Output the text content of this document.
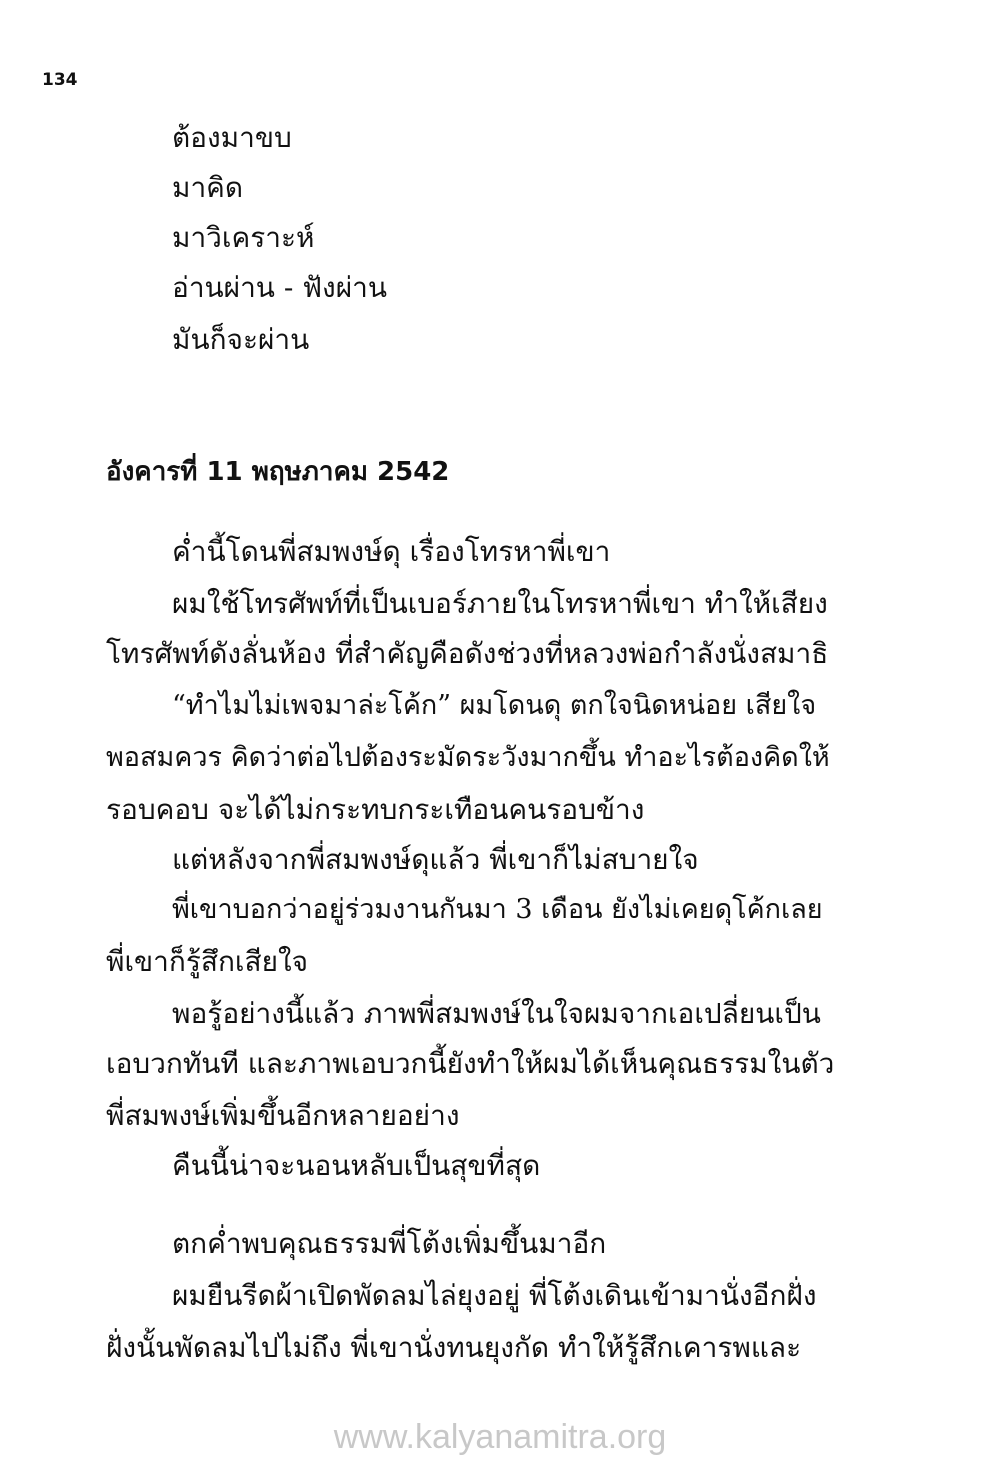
134
ต้องมาขบ
มาคิด
มาวิเคราะห์
อ่านผ่าน - ฟังผ่าน
มันก็จะผ่าน
อังคารที่ 11 พฤษภาคม 2542
ค่ำนี้โดนพี่สมพงษ์ดุ เรื่องโทรหาพี่เขา
ผมใช้โทรศัพท์ที่เป็นเบอร์ภายในโทรหาพี่เขา ทำให้เสียง
โทรศัพท์ดังลั่นห้อง ที่สำคัญคือดังช่วงที่หลวงพ่อกำลังนั่งสมาธิ
“ทำไมไม่เพจมาล่ะโค้ก” ผมโดนดุ ตกใจนิดหน่อย เสียใจ
พอสมควร คิดว่าต่อไปต้องระมัดระวังมากขึ้น ทำอะไรต้องคิดให้
รอบคอบ จะได้ไม่กระทบกระเทือนคนรอบข้าง
แต่หลังจากพี่สมพงษ์ดุแล้ว พี่เขาก็ไม่สบายใจ
พี่เขาบอกว่าอยู่ร่วมงานกันมา 3 เดือน ยังไม่เคยดุโค้กเลย
พี่เขาก็รู้สึกเสียใจ
พอรู้อย่างนี้แล้ว ภาพพี่สมพงษ์ในใจผมจากเอเปลี่ยนเป็น
เอบวกทันที และภาพเอบวกนี้ยังทำให้ผมได้เห็นคุณธรรมในตัว
พี่สมพงษ์เพิ่มขึ้นอีกหลายอย่าง
คืนนี้น่าจะนอนหลับเป็นสุขที่สุด
ตกค่ำพบคุณธรรมพี่โต้งเพิ่มขึ้นมาอีก
ผมยืนรีดผ้าเปิดพัดลมไล่ยุงอยู่ พี่โต้งเดินเข้ามานั่งอีกฝั่ง
ฝั่งนั้นพัดลมไปไม่ถึง พี่เขานั่งทนยุงกัด ทำให้รู้สึกเคารพและ
www.kalyanamitra.org
